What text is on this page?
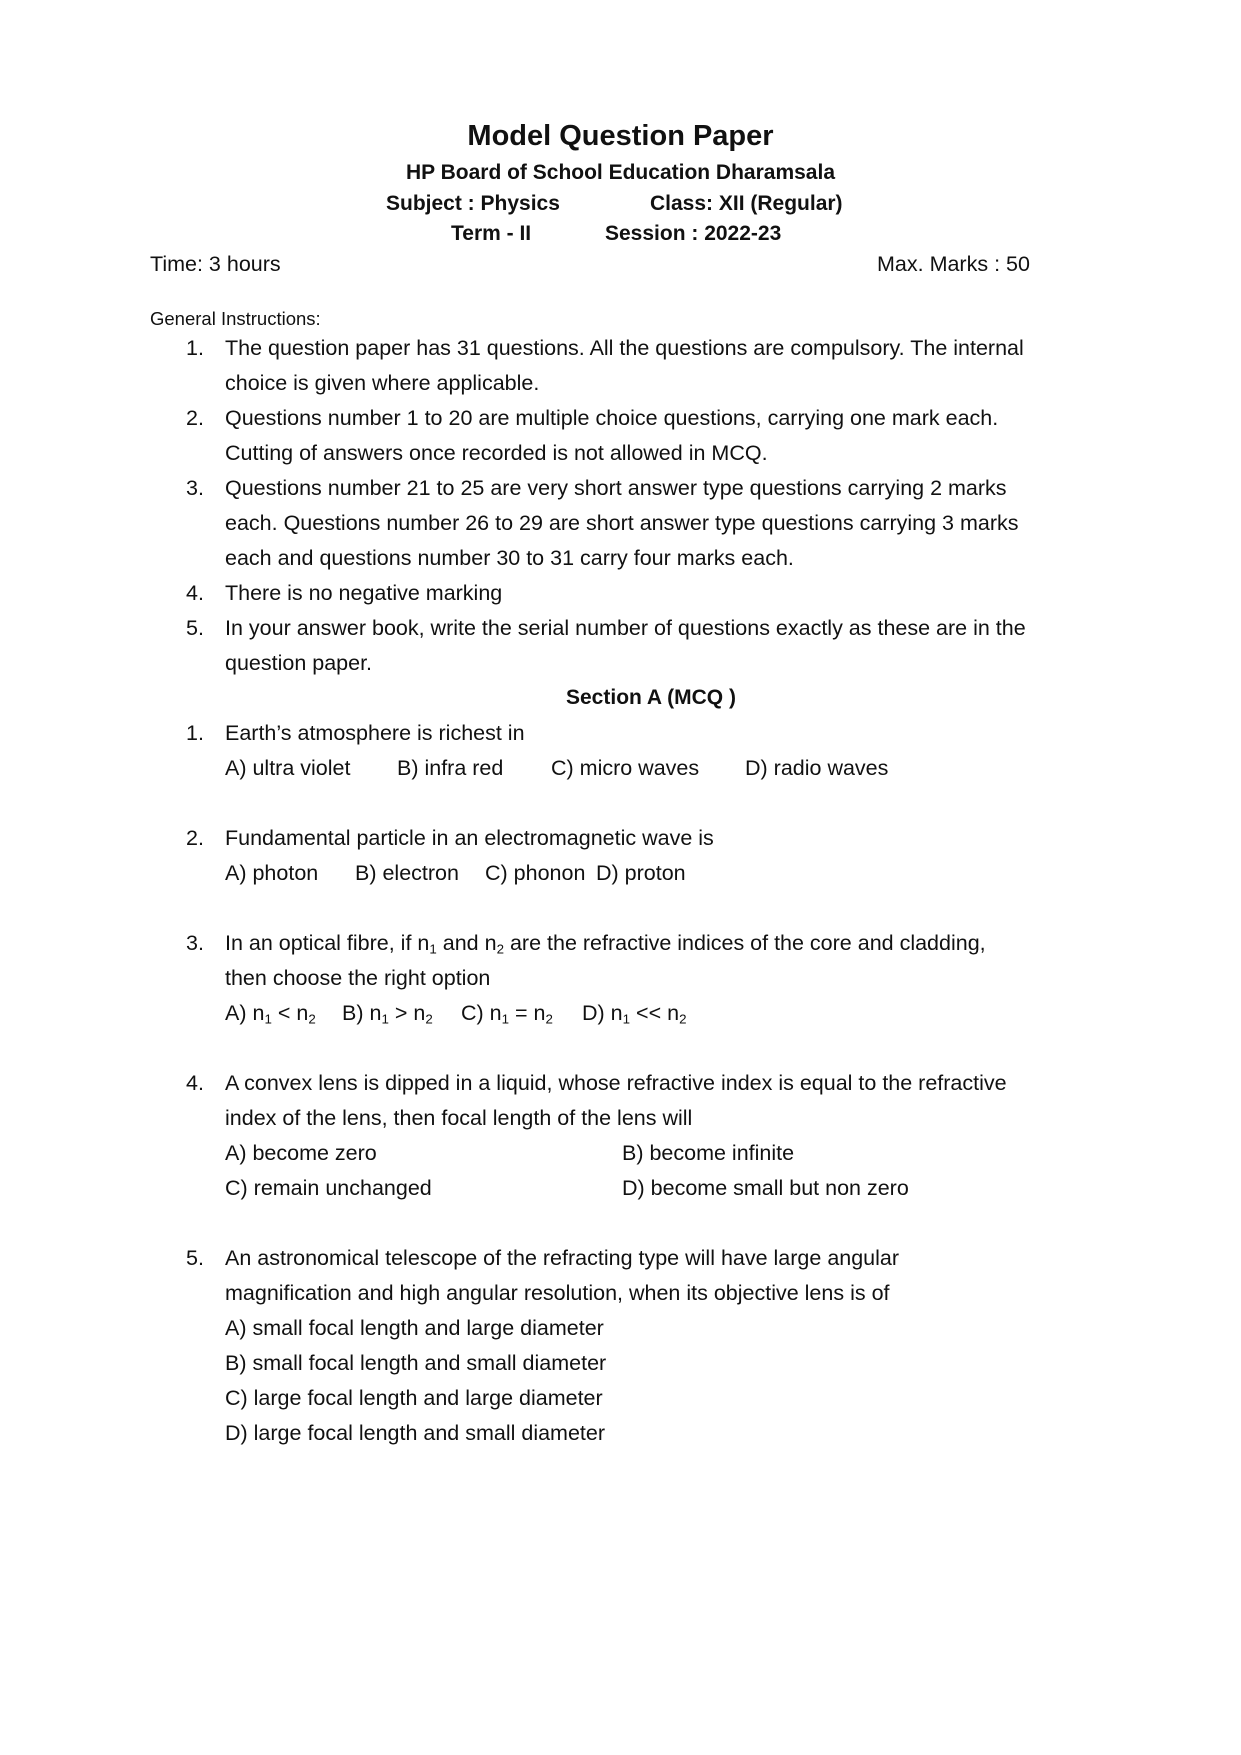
Model Question Paper
HP Board of School Education Dharamsala
Subject : Physics	Class: XII (Regular)
Term - II	Session : 2022-23
Time: 3 hours	Max. Marks : 50
General Instructions:
1. The question paper has 31 questions. All the questions are compulsory. The internal
choice is given where applicable.
2. Questions number 1 to 20 are multiple choice questions, carrying one mark each.
Cutting of answers once recorded is not allowed in MCQ.
3. Questions number 21 to 25 are very short answer type questions carrying 2 marks
each. Questions number 26 to 29 are short answer type questions carrying 3 marks
each and questions number 30 to 31 carry four marks each.
4. There is no negative marking
5. In your answer book, write the serial number of questions exactly as these are in the
question paper.
Section A (MCQ )
1. Earth’s atmosphere is richest in
A) ultra violet B) infra red C) micro waves D) radio waves
2. Fundamental particle in an electromagnetic wave is
A) photon B) electron C) phonon D) proton
3. In an optical fibre, if $n_1$ and $n_2$ are the refractive indices of the core and cladding,
then choose the right option
A) $n_1 < n_2$ B) $n_1 > n_2$ C) $n_1 = n_2$ D) $n_1 << n_2$
4. A convex lens is dipped in a liquid, whose refractive index is equal to the refractive
index of the lens, then focal length of the lens will
A) become zero	B) become infinite
C) remain unchanged	D) become small but non zero
5. An astronomical telescope of the refracting type will have large angular
magnification and high angular resolution, when its objective lens is of
A) small focal length and large diameter
B) small focal length and small diameter
C) large focal length and large diameter
D) large focal length and small diameter
